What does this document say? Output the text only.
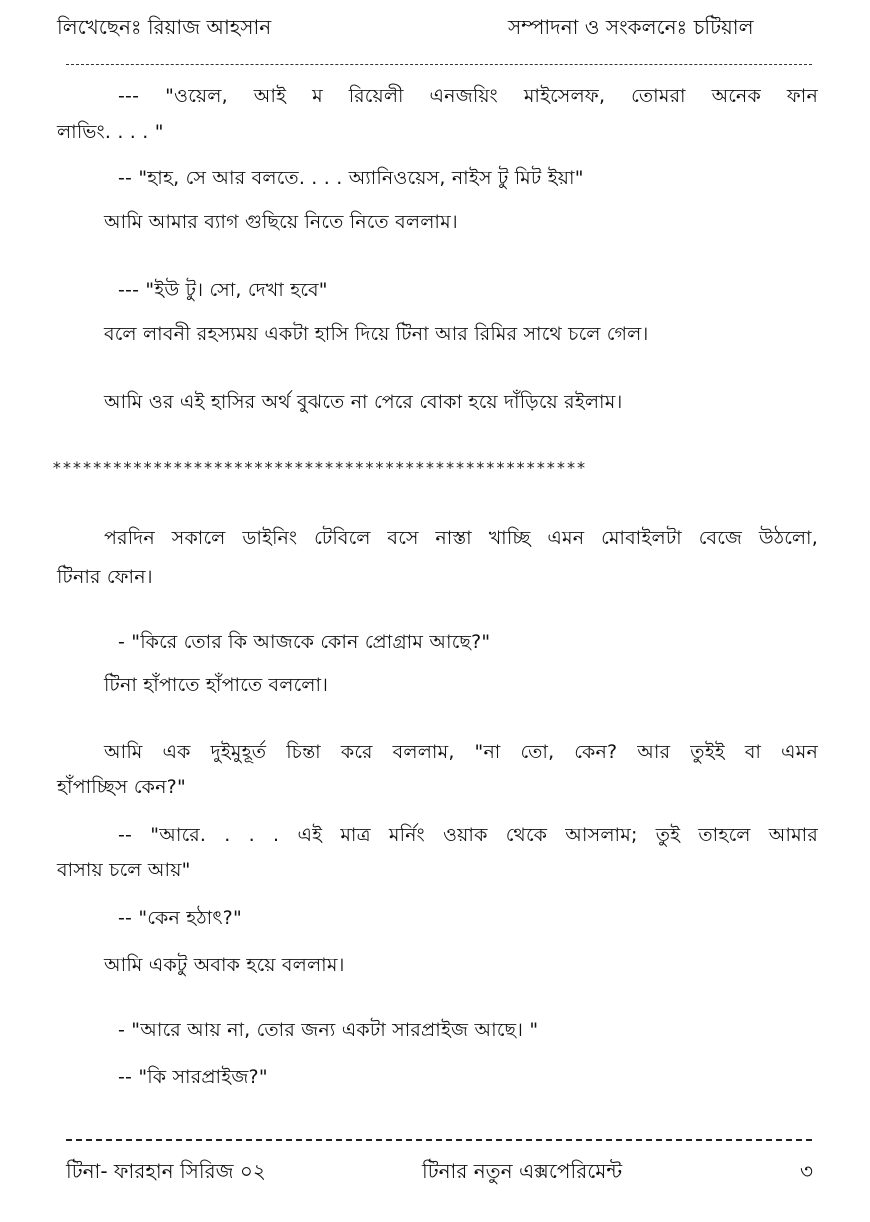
লিখেছেনঃ রিয়াজ আহসান	সম্পাদনা ও সংকলনেঃ চটিয়াল
--- "ওয়েল, আই ম রিয়েলী এনজয়িং মাইসেলফ, তোমরা অনেক ফান
লাভিং. . . . "
-- "হাহ, সে আর বলতে. . . . অ্যানিওয়েস, নাইস টু মিট ইয়া"
আমি আমার ব্যাগ গুছিয়ে নিতে নিতে বললাম।
--- "ইউ টু। সো, দেখা হবে"
বলে লাবনী রহস্যময় একটা হাসি দিয়ে টিনা আর রিমির সাথে চলে গেল।
আমি ওর এই হাসির অর্থ বুঝতে না পেরে বোকা হয়ে দাঁড়িয়ে রইলাম।
*****************************************************
পরদিন সকালে ডাইনিং টেবিলে বসে নাস্তা খাচ্ছি এমন মোবাইলটা বেজে উঠলো,
টিনার ফোন।
- "কিরে তোর কি আজকে কোন প্রোগ্রাম আছে?"
টিনা হাঁপাতে হাঁপাতে বললো।
আমি এক দুইমুহূর্ত চিন্তা করে বললাম, "না তো, কেন? আর তুইই বা এমন
হাঁপাচ্ছিস কেন?"
-- "আরে. . . . এই মাত্র মর্নিং ওয়াক থেকে আসলাম; তুই তাহলে আমার
বাসায় চলে আয়"
-- "কেন হঠাৎ?"
আমি একটু অবাক হয়ে বললাম।
- "আরে আয় না, তোর জন্য একটা সারপ্রাইজ আছে। "
-- "কি সারপ্রাইজ?"
টিনা- ফারহান সিরিজ ০২	টিনার নতুন এক্সপেরিমেন্ট	৩
